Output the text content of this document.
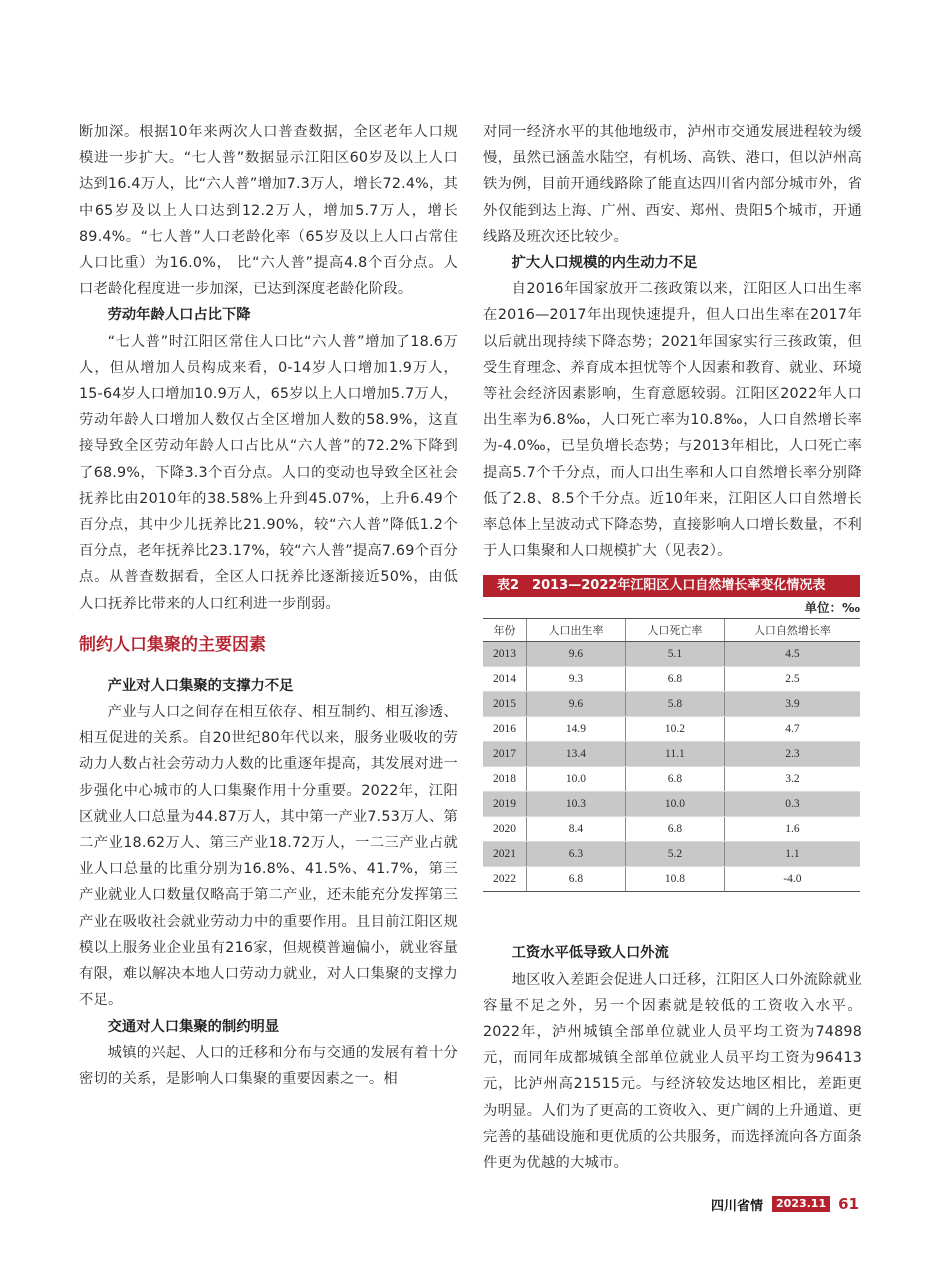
断加深。根据10年来两次人口普查数据，全区老年人口规模进一步扩大。“七人普”数据显示江阳区60岁及以上人口达到16.4万人，比“六人普”增加7.3万人，增长72.4%，其中65岁及以上人口达到12.2万人，增加5.7万人，增长89.4%。“七人普”人口老龄化率（65岁及以上人口占常住人口比重）为16.0%， 比“六人普”提高4.8个百分点。人口老龄化程度进一步加深，已达到深度老龄化阶段。

劳动年龄人口占比下降

“七人普”时江阳区常住人口比“六人普”增加了18.6万人，但从增加人员构成来看，0-14岁人口增加1.9万人， 15-64岁人口增加10.9万人，65岁以上人口增加5.7万人，劳动年龄人口增加人数仅占全区增加人数的58.9%，这直接导致全区劳动年龄人口占比从“六人普”的72.2%下降到了68.9%，下降3.3个百分点。人口的变动也导致全区社会抚养比由2010年的38.58%上升到45.07%，上升6.49个百分点，其中少儿抚养比21.90%，较“六人普”降低1.2个百分点，老年抚养比23.17%，较“六人普”提高7.69个百分点。从普查数据看，全区人口抚养比逐渐接近50%，由低人口抚养比带来的人口红利进一步削弱。

制约人口集聚的主要因素
产业对人口集聚的支撑力不足

产业与人口之间存在相互依存、相互制约、相互渗透、相互促进的关系。自20世纪80年代以来，服务业吸收的劳动力人数占社会劳动力人数的比重逐年提高，其发展对进一步强化中心城市的人口集聚作用十分重要。2022年，江阳区就业人口总量为44.87万人，其中第一产业7.53万人、第二产业18.62万人、第三产业18.72万人，一二三产业占就业人口总量的比重分别为16.8%、41.5%、41.7%，第三产业就业人口数量仅略高于第二产业，还未能充分发挥第三产业在吸收社会就业劳动力中的重要作用。且目前江阳区规模以上服务业企业虽有216家，但规模普遍偏小，就业容量有限，难以解决本地人口劳动力就业，对人口集聚的支撑力不足。

交通对人口集聚的制约明显

城镇的兴起、人口的迁移和分布与交通的发展有着十分密切的关系，是影响人口集聚的重要因素之一。相

对同一经济水平的其他地级市，泸州市交通发展进程较为缓慢，虽然已涵盖水陆空，有机场、高铁、港口，但以泸州高铁为例，目前开通线路除了能直达四川省内部分城市外，省外仅能到达上海、广州、西安、郑州、贵阳5个城市，开通线路及班次还比较少。

扩大人口规模的内生动力不足

自2016年国家放开二孩政策以来，江阳区人口出生率在2016—2017年出现快速提升，但人口出生率在2017年以后就出现持续下降态势；2021年国家实行三孩政策，但受生育理念、养育成本担忧等个人因素和教育、就业、环境等社会经济因素影响，生育意愿较弱。江阳区2022年人口出生率为6.8‰，人口死亡率为10.8‰，人口自然增长率为-4.0‰，已呈负增长态势；与2013年相比，人口死亡率提高5.7个千分点，而人口出生率和人口自然增长率分别降低了2.8、8.5个千分点。近10年来，江阳区人口自然增长率总体上呈波动式下降态势，直接影响人口增长数量，不利于人口集聚和人口规模扩大（见表2）。

表2　2013—2022年江阳区人口自然增长率变化情况表
单位：‰
年份	人口出生率	人口死亡率	人口自然增长率
2013	9.6	5.1	4.5
2014	9.3	6.8	2.5
2015	9.6	5.8	3.9
2016	14.9	10.2	4.7
2017	13.4	11.1	2.3
2018	10.0	6.8	3.2
2019	10.3	10.0	0.3
2020	8.4	6.8	1.6
2021	6.3	5.2	1.1
2022	6.8	10.8	-4.0
工资水平低导致人口外流

地区收入差距会促进人口迁移，江阳区人口外流除就业容量不足之外，另一个因素就是较低的工资收入水平。2022年，泸州城镇全部单位就业人员平均工资为74898元，而同年成都城镇全部单位就业人员平均工资为96413元，比泸州高21515元。与经济较发达地区相比，差距更为明显。人们为了更高的工资收入、更广阔的上升通道、更完善的基础设施和更优质的公共服务，而选择流向各方面条件更为优越的大城市。

四川省情	2023.11 61
